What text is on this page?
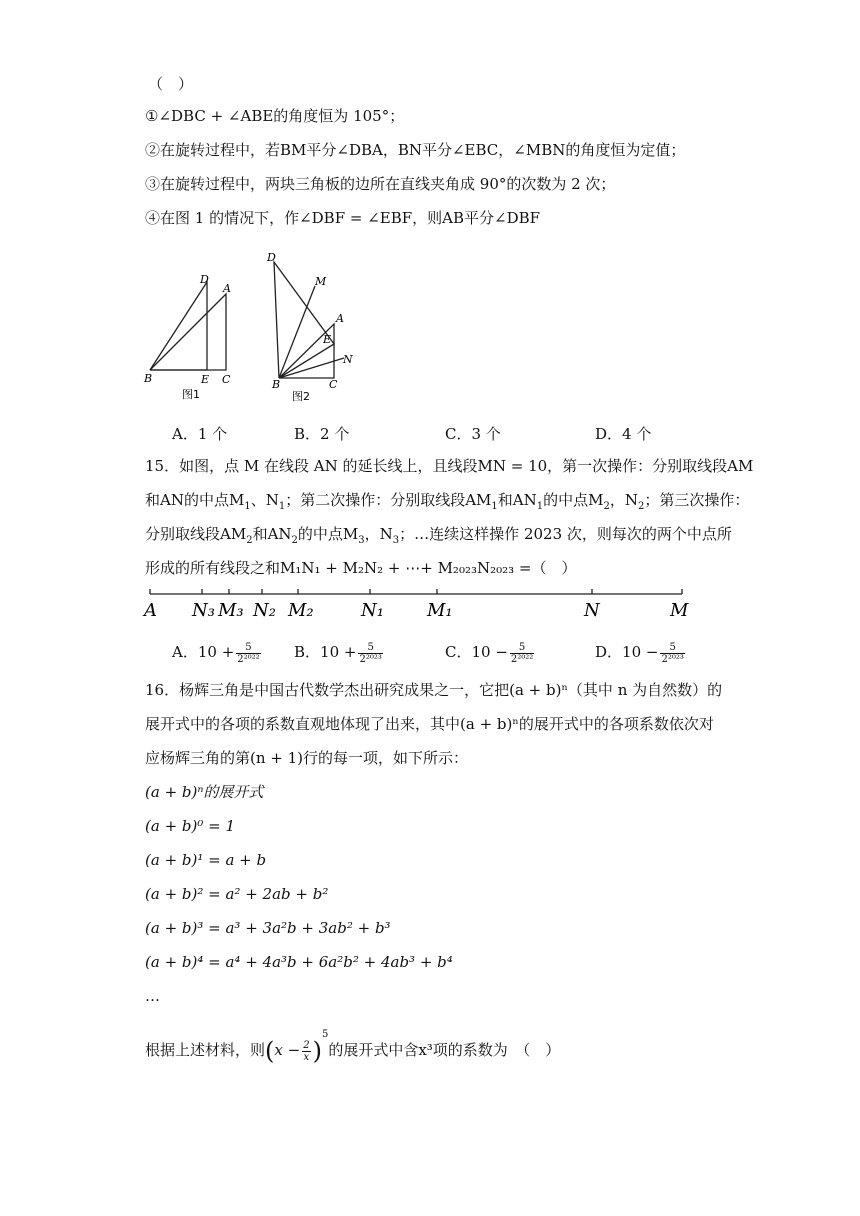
（　）
①∠DBC + ∠ABE的角度恒为 105°；
②在旋转过程中，若BM平分∠DBA，BN平分∠EBC，∠MBN的角度恒为定值；
③在旋转过程中，两块三角板的边所在直线夹角成 90°的次数为 2 次；
④在图 1 的情况下，作∠DBF = ∠EBF，则AB平分∠DBF
D
A
B	E C
图1
D
M
A
E
N
B	C
图2
A．1 个	B．2 个	C．3 个	D．4 个
15．如图，点 M 在线段 AN 的延长线上，且线段MN = 10，第一次操作：分别取线段AM
和AN的中点$M_1$、$N_1$；第二次操作：分别取线段$AM_1$和$AN_1$的中点$M_2$，$N_2$；第三次操作：
分别取线段$AM_2$和$AN_2$的中点$M_3$，$N_3$；…连续这样操作 2023 次，则每次的两个中点所
形成的所有线段之和M₁N₁ + M₂N₂ + ⋯+ M₂₀₂₃N₂₀₂₃ =（　）
A N₃ M₃ N₂ M₂	N₁ M₁	N	M
A．$10 + \frac{5}{\text{2²⁰²²}}$ B．$10 + \frac{5}{\text{2²⁰²³}}$	C．$10 - \frac{5}{\text{2²⁰²²}}$	D．$10 - \frac{5}{\text{2²⁰²³}}$
16．杨辉三角是中国古代数学杰出研究成果之一，它把(a + b)ⁿ（其中 n 为自然数）的
展开式中的各项的系数直观地体现了出来，其中(a + b)ⁿ的展开式中的各项系数依次对
应杨辉三角的第(n + 1)行的每一项，如下所示：
(a + b)ⁿ的展开式
(a + b)⁰ = 1
(a + b)¹ = a + b
(a + b)² = a² + 2ab + b²
(a + b)³ = a³ + 3a²b + 3ab² + b³
(a + b)⁴ = a⁴ + 4a³b + 6a²b² + 4ab³ + b⁴
…
根据上述材料，则$(x - \frac{2}{x} )^5$的展开式中含x³项的系数为　（　）
